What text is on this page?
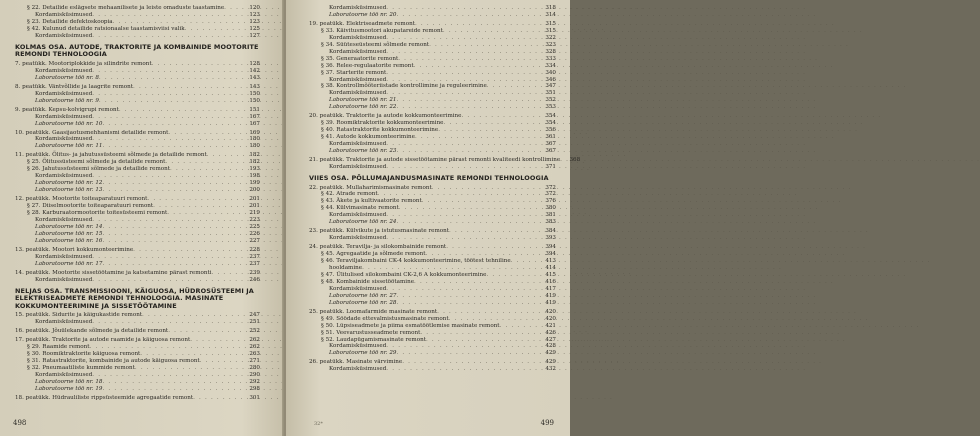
§ 22. Detailide eslägsete mehaanilisete ja leiste omaduste taastamine . . .	120
Kordamisküsimused . . .	123
§ 23. Detailide defektoskoopia . . .	123
§ 42. Kulunud detailide ratsionaalse taastamisviisi valik . . .	125
Kordamisküsimused . . .	127
KOLMAS OSA. AUTODE, TRAKTORITE JA KOMBAINIDE MOOTORITE REMONDI TEHNOLOOGIA
7. peatükk. Mootoriplokkide ja silindrite remont . . .	128
Kordamisküsimused . . .	142
Laboratoorne töö nr. 8 . . .	143
8. peatükk. Väntvõllide ja laagrite remont . . .	143
Kordamisküsimused . . .	150
Laboratoorne töö nr. 9 . . .	150
9. peatükk. Kepsu-kolvigrupi remont . . .	151
Kordamisküsimused . . .	167
Laboratoorne töö nr. 10 . . .	167
10. peatükk. Gaasijaotusmehhanismi detailide remont . . .	169
Kordamisküsimused . . .	180
Laboratoorne töö nr. 11 . . .	180
11. peatükk. Õlitus- ja jahutussüsteemi sõlmede ja detailide remont . . .	182
§ 25. Õlitussüsteemi sõlmede ja detailide remont . . .	182
§ 26. Jahutussüsteemi sõlmede ja detailide remont . . .	193
Kordamisküsimused . . .	198
Laboratoorne töö nr. 12 . . .	199
Laboratoorne töö nr. 13 . . .	200
12. peatükk. Mootorite toiteaparatuuri remont . . .	201
§ 27. Diiselmootorite toiteaparatuuri remont . . .	201
§ 28. Karburaatormootorite toitesüsteemi remont . . .	219
Kordamisküsimused . . .	223
Laboratoorne töö nr. 14 . . .	225
Laboratoorne töö nr. 15 . . .	226
Laboratoorne töö nr. 16 . . .	227
13. peatükk. Mootori kokkumonteerimine . . .	228
Kordamisküsimused . . .	237
Laboratoorne töö nr. 17 . . .	237
14. peatükk. Mootorite sissetöötamine ja katsetamine pärast remonti . . .	239
Kordamisküsimused . . .	246
NELJAS OSA. TRANSMISSIOONI, KÄIGUOSA, HÜDROSÜSTEEMI JA ELEKTRISEADMETE REMONDI TEHNOLOOGIA. MASINATE KOKKUMONTEERIMINE JA SISSETÖÖTAMINE
15. peatükk. Sidurite ja käigukastide remont . . .	247
Kordamisküsimused . . .	251
16. peatükk. Jõuülekande sõlmede ja detailide remont . . .	252
17. peatükk. Traktorite ja autode raamide ja käiguosa remont . . .	262
§ 29. Raamide remont . . .	262
§ 30. Roomiktraktorite käiguosa remont . . .	263
§ 31. Ratastraktorite, kombainide ja autode käiguosa remont . . .	271
§ 32. Pneumaatiliste kummide remont . . .	280
Kordamisküsimused . . .	290
Laboratoorne töö nr. 18 . . .	292
Laboratoorne töö nr. 19 . . .	298
18. peatükk. Hüdrauliliste rippsüsteemide agregaatide remont . . .	301
498
Kordamisküsimused . . .	318
Laboratoorne töö nr. 20 . . .	314
19. peatükk. Elektriseadmete remont . . .	315
§ 33. Käivitusmootori akupatareide remont . . .	315
Kordamisküsimused . . .	322
§ 34. Süüteseüsteemi sõlmede remont . . .	323
Kordamisküsimused . . .	328
§ 35. Generaatorite remont . . .	333
§ 36. Releе-regulaatorite remont . . .	334
§ 37. Starterite remont . . .	340
Kordamisküsimused . . .	346
§ 38. Kontrollmõõteriistade kontrollimine ja reguleerimine . . .	347
Kordamisküsimused . . .	351
Laboratoorne töö nr. 21 . . .	352
Laboratoorne töö nr. 22 . . .	353
20. peatükk. Traktorite ja autode kokkumonteerimine . . .	354
§ 39. Roomiktraktorite kokkumonteerimine . . .	354
§ 40. Ratastraktorite kokkumonteerimine . . .	356
§ 41. Autode kokkumonteerimine . . .	361
Kordamisküsimused . . .	367
Laboratoorne töö nr. 23 . . .	367
21. peatükk. Traktorite ja autode sissetöötamine pärast remonti kvaliteedi kontrollimine . . .	368
Kordamisküsimused . . .	371
VIIES OSA. PÕLLUMAJANDUSMASINATE REMONDI TEHNOLOOGIA
22. peatükk. Mullaharimismasinate remont . . .	372
§ 42. Atrade remont . . .	372
§ 43. Äkete ja kultivaatorite remont . . .	376
§ 44. Külvimasinate remont . . .	380
Kordamisküsimused . . .	381
Laboratoorne töö nr. 24 . . .	383
23. peatükk. Külvikute ja istutusmasinate remont . . .	384
Kordamisküsimused . . .	393
24. peatükk. Teraviljа- ja silokombainide remont . . .	394
§ 45. Agregaatide ja sõlmede remont . . .	394
§ 46. Teraviljakombaini CK-4 kokkumonteerimine, töötest tehniline . . .	413
hooldamine . . .	414
§ 47. Ülitulised silokombaini CK-2,6 A kokkumonteerimine . . .	415
§ 48. Kombainide sissetöötamine . . .	416
Kordamisküsimused . . .	417
Laboratoorne töö nr. 27 . . .	419
Laboratoorne töö nr. 28 . . .	419
25. peatükk. Loomafarmide masinate remont . . .	420
§ 49. Söödade ettevalmistusmasinate remont . . .	420
§ 50. Lüpsiseadmete ja piima esmatöötlemise masinate remont . . .	421
§ 51. Veevarustusseadmete remont . . .	426
§ 52. Laudapügamismasinate remont . . .	427
Kordamisküsimused . . .	428
Laboratoorne töö nr. 29 . . .	429
26. peatükk. Masinate värvimine . . .	429
Kordamisküsimused . . .	432
32*	499
